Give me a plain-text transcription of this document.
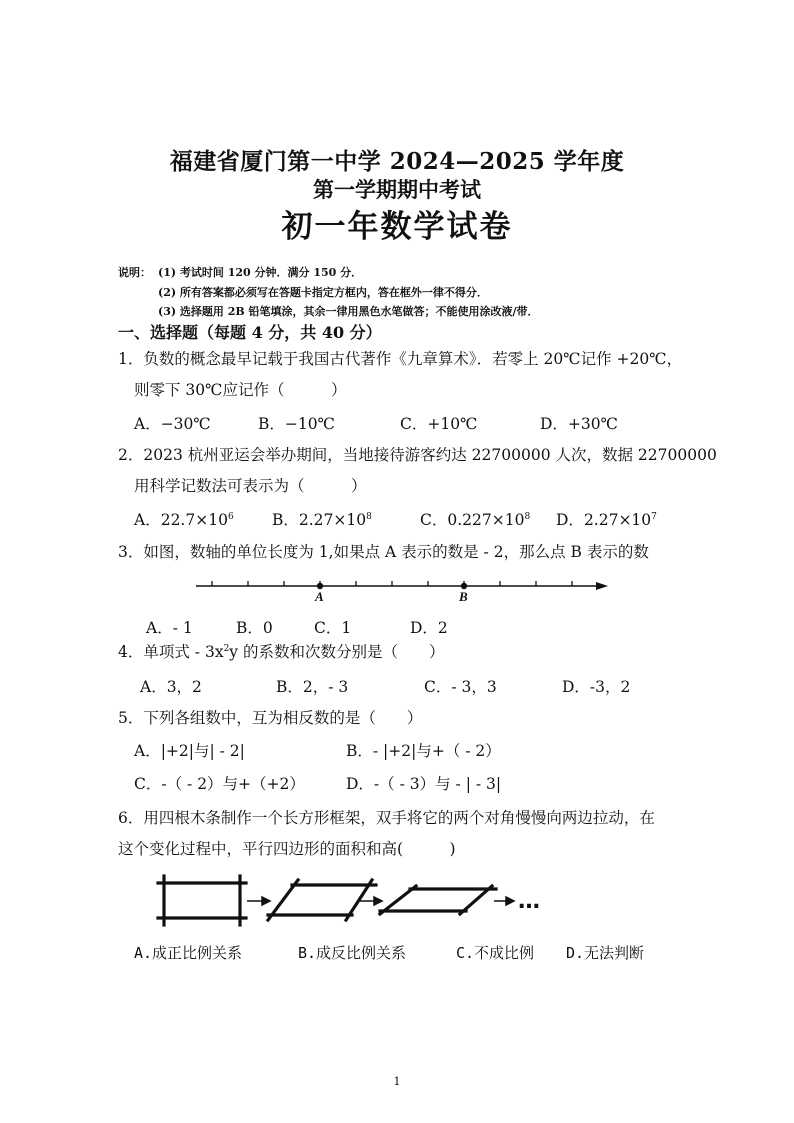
福建省厦门第一中学 2024—2025 学年度
第一学期期中考试
初一年数学试卷
说明： (1) 考试时间 120 分钟．满分 150 分．
(2) 所有答案都必须写在答题卡指定方框内，答在框外一律不得分．
(3) 选择题用 2B 铅笔填涂，其余一律用黑色水笔做答；不能使用涂改液/带．
一、选择题（每题 4 分，共 40 分）
1．负数的概念最早记载于我国古代著作《九章算术》．若零上 20℃记作 +20℃，
则零下 30℃应记作（　　　）
A．−30℃	B．−10℃	C．+10℃	D．+30℃
2．2023 杭州亚运会举办期间，当地接待游客约达 22700000 人次，数据 22700000
用科学记数法可表示为（　　　）
A．$22.7\times 10^6$ B．$2.27\times 10^8$	C．$0.227\times 10^8$ D．$2.27\times 10^7$
3．如图，数轴的单位长度为 1,如果点 A 表示的数是 - 2，那么点 B 表示的数
A	B
A．- 1	B．0	C．1	D．2
4．单项式 - $3x^2y$ 的系数和次数分别是（　　）
A．3，2	B．2，- 3	C．- 3，3	D．-3，2
5．下列各组数中，互为相反数的是（　　）
A．|+2|与| - 2|	B．- |+2|与+（ - 2）
C．-（ - 2）与+（+2）	D．-（ - 3）与 - | - 3|
6．用四根木条制作一个长方形框架，双手将它的两个对角慢慢向两边拉动，在
这个变化过程中，平行四边形的面积和高(　　　)
…
A.成正比例关系	B.成反比例关系	C.不成比例 D.无法判断
1
